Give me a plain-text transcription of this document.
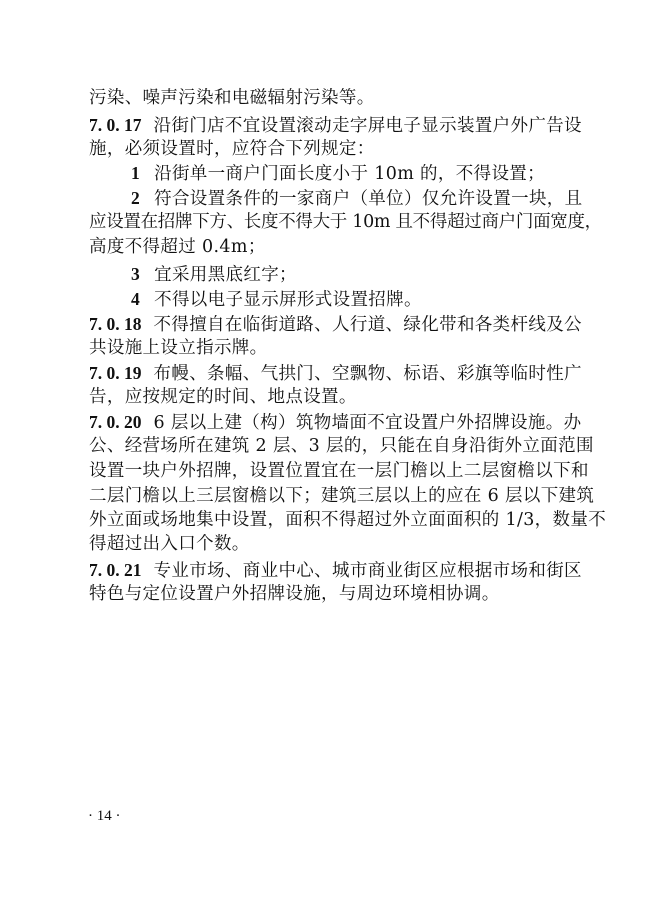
污染、噪声污染和电磁辐射污染等。
7. 0. 17 沿街门店不宜设置滚动走字屏电子显示装置户外广告设
施，必须设置时，应符合下列规定：
1 沿街单一商户门面长度小于 10m 的，不得设置；
2 符合设置条件的一家商户（单位）仅允许设置一块，且
应设置在招牌下方、长度不得大于 10m 且不得超过商户门面宽度，
高度不得超过 0.4m；
3 宜采用黑底红字；
4 不得以电子显示屏形式设置招牌。
7. 0. 18 不得擅自在临街道路、人行道、绿化带和各类杆线及公
共设施上设立指示牌。
7. 0. 19 布幔、条幅、气拱门、空飘物、标语、彩旗等临时性广
告，应按规定的时间、地点设置。
7. 0. 20 6 层以上建（构）筑物墙面不宜设置户外招牌设施。办
公、经营场所在建筑 2 层、3 层的，只能在自身沿街外立面范围
设置一块户外招牌，设置位置宜在一层门檐以上二层窗檐以下和
二层门檐以上三层窗檐以下；建筑三层以上的应在 6 层以下建筑
外立面或场地集中设置，面积不得超过外立面面积的 1/3，数量不
得超过出入口个数。
7. 0. 21 专业市场、商业中心、城市商业街区应根据市场和街区
特色与定位设置户外招牌设施，与周边环境相协调。
· 14 ·
